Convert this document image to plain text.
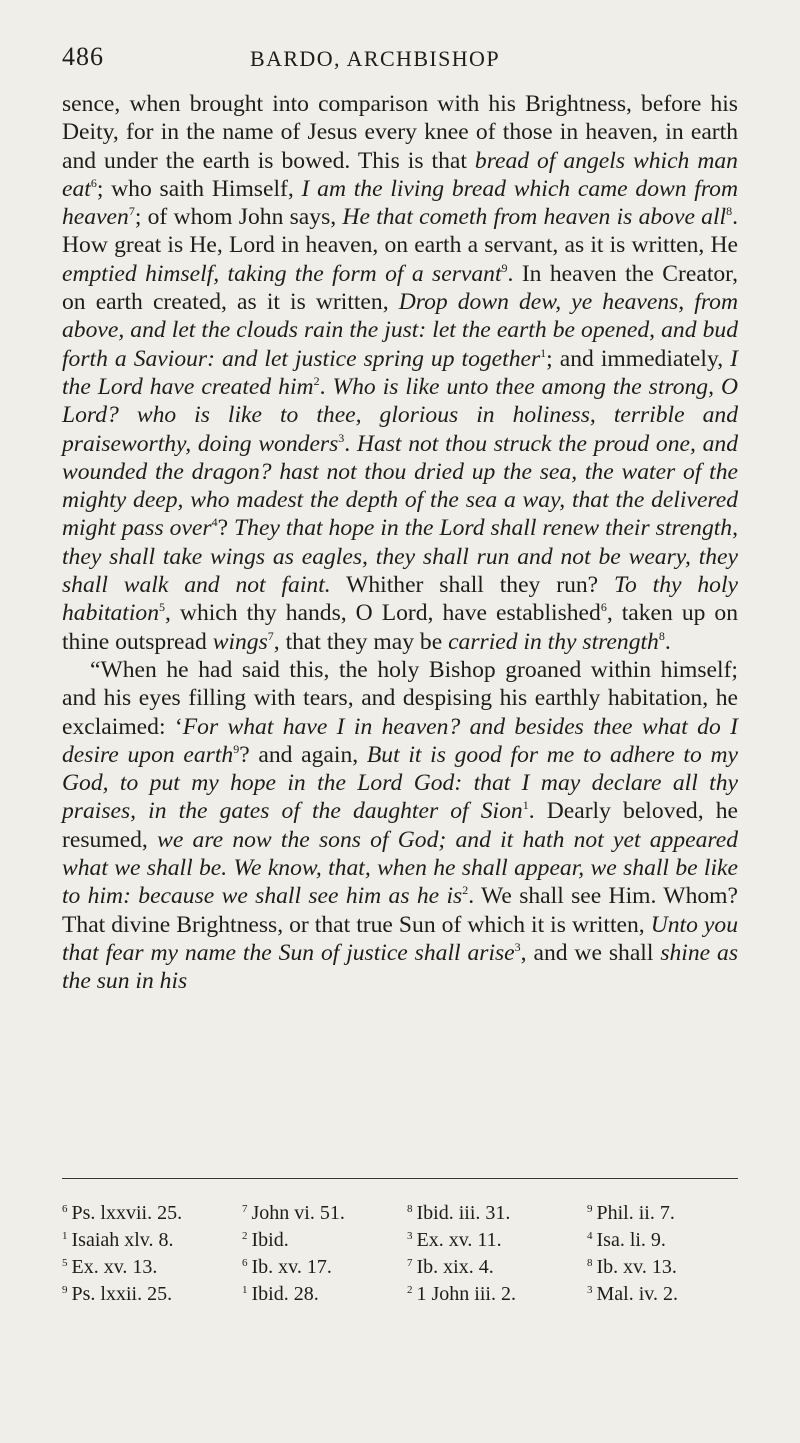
486	BARDO, ARCHBISHOP

sence, when brought into comparison with his Brightness, before his Deity, for in the name of Jesus every knee of those in heaven, in earth and under the earth is bowed. This is that bread of angels which man eat$^6$; who saith Himself, I am the living bread which came down from heaven$^7$; of whom John says, He that cometh from heaven is above all$^8$. How great is He, Lord in heaven, on earth a servant, as it is written, He emptied himself, taking the form of a servant$^9$. In heaven the Creator, on earth created, as it is written, Drop down dew, ye heavens, from above, and let the clouds rain the just: let the earth be opened, and bud forth a Saviour: and let justice spring up together$^1$; and immediately, I the Lord have created him$^2$. Who is like unto thee among the strong, O Lord? who is like to thee, glorious in holiness, terrible and praiseworthy, doing wonders$^3$. Hast not thou struck the proud one, and wounded the dragon? hast not thou dried up the sea, the water of the mighty deep, who madest the depth of the sea a way, that the delivered might pass over$^4$? They that hope in the Lord shall renew their strength, they shall take wings as eagles, they shall run and not be weary, they shall walk and not faint. Whither shall they run? To thy holy habitation$^5$, which thy hands, O Lord, have established$^6$, taken up on thine outspread wings$^7$, that they may be carried in thy strength$^8$.

“When he had said this, the holy Bishop groaned within himself; and his eyes filling with tears, and despising his earthly habitation, he exclaimed: ‘For what have I in heaven? and besides thee what do I desire upon earth$^9$? and again, But it is good for me to adhere to my God, to put my hope in the Lord God: that I may declare all thy praises, in the gates of the daughter of Sion$^1$. Dearly beloved, he resumed, we are now the sons of God; and it hath not yet appeared what we shall be. We know, that, when he shall appear, we shall be like to him: because we shall see him as he $is^2$. We shall see Him. Whom? That divine Brightness, or that true Sun of which it is written, Unto you that fear my name the Sun of justice shall arise$^3$, and we shall shine as the sun in his

$^6$ Ps. lxxvii. 25.	$^7$ John vi. 51.	$^8$ Ibid. iii. 31.	$^9$ Phil. ii. 7.
$^1$ Isaiah xlv. 8.	$^2$ Ibid.	$^3$ Ex. xv. 11.	$^4$ Isa. li. 9.
$^5$ Ex. xv. 13.	$^6$ Ib. xv. 17.	$^7$ Ib. xix. 4.	$^8$ Ib. xv. 13.
$^9$ Ps. lxxii. 25.	$^1$ Ibid. 28.	$^2$ 1 John iii. 2.	$^3$ Mal. iv. 2.
